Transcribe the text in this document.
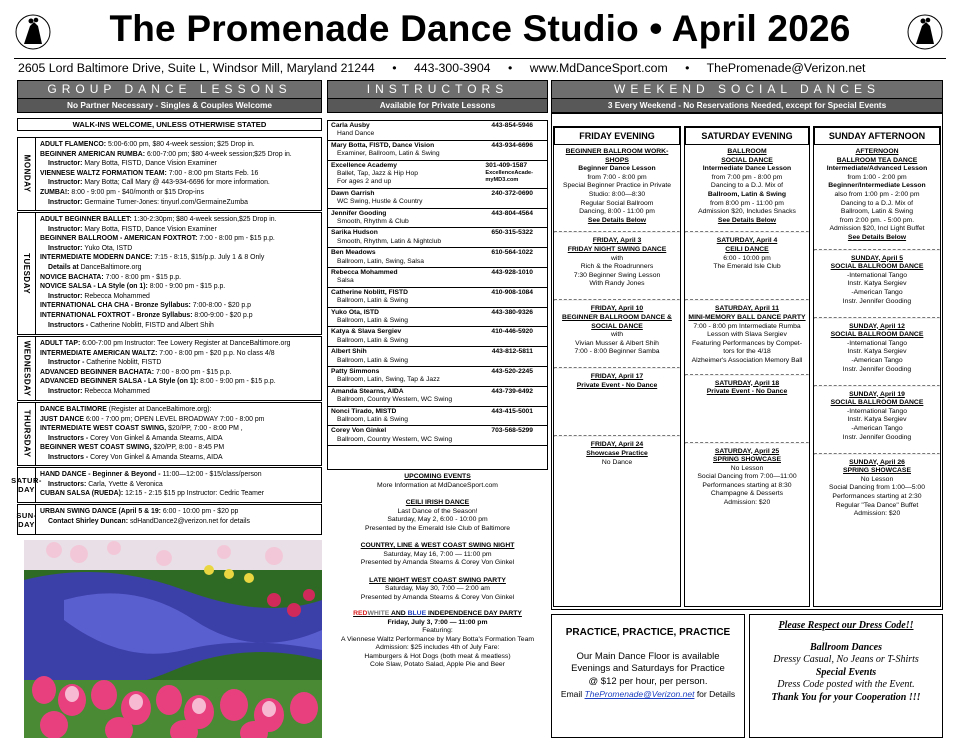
The Promenade Dance Studio • April 2026
2605 Lord Baltimore Drive, Suite L, Windsor Mill, Maryland 21244 • 443-300-3904 • www.MdDanceSport.com • ThePromenade@Verizon.net
GROUP DANCE LESSONS
No Partner Necessary - Singles & Couples Welcome
WALK-INS WELCOME, UNLESS OTHERWISE STATED
MONDAY
ADULT FLAMENCO: 5:00-6:00 pm, $80 4-week session; $25 Drop in.
BEGINNER AMERICAN RUMBA: 6:00-7:00 pm; $80 4-week session;$25 Drop in.
Instructor: Mary Botta, FISTD, Dance Vision Examiner
VIENNESE WALTZ FORMATION TEAM: 7:00 - 8:00 pm Starts Feb. 16
Instructor: Mary Botta; Call Mary @ 443-934-6696 for more information.
ZUMBA!: 8:00 - 9:00 pm - $40/month or $15 Drop-ins
Instructor: Germaine Turner-Jones: tinyurl.com/GermaineZumba
TUESDAY
ADULT BEGINNER BALLET: 1:30-2:30pm; $80 4-week session,$25 Drop in.
Instructor: Mary Botta, FISTD, Dance Vision Examiner
BEGINNER BALLROOM - AMERICAN FOXTROT: 7:00 - 8:00 pm - $15 p.p.
Instructor: Yuko Ota, ISTD
INTERMEDIATE MODERN DANCE: 7:15 - 8:15, $15/p.p. July 1 & 8 Only
Details at DanceBaltimore.org
NOVICE BACHATA: 7:00 - 8:00 pm - $15 p.p.
NOVICE SALSA - LA Style (on 1): 8:00 - 9:00 pm - $15 p.p.
Instructor: Rebecca Mohammed
INTERNATIONAL CHA CHA - Bronze Syllabus: 7:00-8:00 - $20 p.p
INTERNATIONAL FOXTROT - Bronze Syllabus: 8:00-9:00 - $20 p.p
Instructors - Catherine Noblitt, FISTD and Albert Shih
WEDNESDAY ADULT TAP: 6:00-7:00 pm Instructor: Tee Lowery Register at DanceBaltimore.org
INTERMEDIATE AMERICAN WALTZ: 7:00 - 8:00 pm - $20 p.p. No class 4/8
Instructor - Catherine Noblitt, FISTD
ADVANCED BEGINNER BACHATA: 7:00 - 8:00 pm - $15 p.p.
ADVANCED BEGINNER SALSA - LA Style (on 1): 8:00 - 9:00 pm - $15 p.p.
Instructor: Rebecca Mohammed
THURSDAY
DANCE BALTIMORE (Register at DanceBaltimore.org):
JUST DANCE 6:00 - 7:00 pm; OPEN LEVEL BROADWAY 7:00 - 8:00 pm
INTERMEDIATE WEST COAST SWING, $20/PP, 7:00 - 8:00 PM ,
Instructors - Corey Von Ginkel & Amanda Stearns, AIDA
BEGINNER WEST COAST SWING, $20/PP, 8:00 - 8:45 PM
Instructors - Corey Von Ginkel & Amanda Stearns, AIDA
SATUR-
DAY
HAND DANCE - Beginner & Beyond - 11:00—12:00 - $15/class/person
Instructors: Carla, Yvette & Veronica
CUBAN SALSA (RUEDA): 12:15 - 2:15 $15 pp Instructor: Cedric Teamer
SUN-
DAY
URBAN SWING DANCE (April 5 & 19: 6:00 - 10:00 pm - $20 pp
Contact Shirley Duncan: sdHandDance2@verizon.net for details
INSTRUCTORS
Available for Private Lessons
Carla Ausby
Hand Dance
443-854-5946
Mary Botta, FISTD, Dance Vision
Examiner, Ballroom, Latin & Swing
443-934-6696
Excellence Academy
Ballet, Tap, Jazz & Hip Hop
For ages 2 and up
301-409-1587
ExcellenceAcade-
myMD3.com
Dawn Garrish
WC Swing, Hustle & Country
240-372-0690
Jennifer Gooding
Smooth, Rhythm & Club
443-804-4564
Sarika Hudson
Smooth, Rhythm, Latin & Nightclub
650-315-5322
Ben Meadows
Ballroom, Latin, Swing, Salsa
610-564-1022
Rebecca Mohammed
Salsa
443-928-1010
Catherine Noblitt, FISTD
Ballroom, Latin & Swing
410-908-1084
Yuko Ota, ISTD
Ballroom, Latin & Swing
443-380-9326
Katya & Slava Sergiev
Ballroom, Latin & Swing
410-446-5920
Albert Shih
Ballroom, Latin & Swing
443-812-5811
Patty Simmons
Ballroom, Latin, Swing, Tap & Jazz
443-520-2245
Amanda Stearns, AIDA
Ballroom, Country Western, WC Swing
443-739-6492
Nonci Tirado, MISTD
Ballroom, Latin & Swing
443-415-5001
Corey Von Ginkel
Ballroom, Country Western, WC Swing
703-568-5299
UPCOMING EVENTS
More Information at MdDanceSport.com
CEILI IRISH DANCE
Last Dance of the Season!
Saturday, May 2, 6:00 - 10:00 pm
Presented by the Emerald Isle Club of Baltimore
COUNTRY, LINE & WEST COAST SWING NIGHT
Saturday, May 16, 7:00 — 11:00 pm
Presented by Amanda Stearns & Corey Von Ginkel
LATE NIGHT WEST COAST SWING PARTY
Saturday, May 30, 7:00 — 2:00 am
Presented by Amanda Stearns & Corey Von Ginkel
REDWHITE AND BLUE INDEPENDENCE DAY PARTY
Friday, July 3, 7:00 — 11:00 pm
Featuring:
A Viennese Waltz Performance by Mary Botta's Formation Team
Admission: $25 includes 4th of July Fare:
Hamburgers & Hot Dogs (both meat & meatless)
Cole Slaw, Potato Salad, Apple Pie and Beer
WEEKEND SOCIAL DANCES
3 Every Weekend - No Reservations Needed, except for Special Events
FRIDAY EVENING
BEGINNER BALLROOM WORK-
SHOPS
Beginner Dance Lesson
from 7:00 - 8:00 pm
Special Beginner Practice in Private
Studio: 8:00—8:30
Regular Social Ballroom
Dancing, 8:00 - 11:00 pm
See Details Below
FRIDAY, April 3
FRIDAY NIGHT SWING DANCE
with
Rich & the Roadrunners
7:30 Beginner Swing Lesson
With Randy Jones
FRIDAY, April 10
BEGINNER BALLROOM DANCE & SOCIAL DANCE
with
Vivian Musser & Albert Shih
7:00 - 8:00 Beginner Samba
FRIDAY, April 17
Private Event - No Dance
FRIDAY, April 24
Showcase Practice
No Dance
SATURDAY EVENING
BALLROOM
SOCIAL DANCE
Intermediate Dance Lesson
from 7:00 pm - 8:00 pm
Dancing to a D.J. Mix of
Ballroom, Latin & Swing
from 8:00 pm - 11:00 pm
Admission $20, Includes Snacks
See Details Below
SATURDAY, April 4
CEILI DANCE
6:00 - 10:00 pm
The Emerald Isle Club
SATURDAY, April 11
MINI-MEMORY BALL DANCE PARTY
7:00 - 8:00 pm Intermediate Rumba
Lesson with Slava Sergiev
Featuring Performances by Compet-
tors for the 4/18
Alzheimer's Association Memory Ball
SATURDAY, April 18
Private Event - No Dance
SATURDAY, April 25
SPRING SHOWCASE
No Lesson
Social Dancing from 7:00—11:00
Performances starting at 8:30
Champagne & Desserts
Admission: $20
SUNDAY AFTERNOON
AFTERNOON
BALLROOM TEA DANCE
Intermediate/Advanced Lesson
from 1:00 - 2:00 pm
Beginner/Intermediate Lesson
also from 1:00 pm - 2:00 pm
Dancing to a D.J. Mix of
Ballroom, Latin & Swing
from 2:00 pm. - 5:00 pm.
Admission $20, Incl Light Buffet
See Details Below
SUNDAY, April 5
SOCIAL BALLROOM DANCE
-International Tango
Instr. Katya Sergiev
-American Tango
Instr. Jennifer Gooding
SUNDAY, April 12
SOCIAL BALLROOM DANCE
-International Tango
Instr. Katya Sergiev
-American Tango
Instr. Jennifer Gooding
SUNDAY, April 19
SOCIAL BALLROOM DANCE
-International Tango
Instr. Katya Sergiev
-American Tango
Instr. Jennifer Gooding
SUNDAY, April 26
SPRING SHOWCASE
No Lesson
Social Dancing from 1:00—5:00
Performances starting at 2:30
Regular "Tea Dance" Buffet
Admission: $20
PRACTICE, PRACTICE, PRACTICE
Our Main Dance Floor is available
Evenings and Saturdays for Practice
@ $12 per hour, per person.
Email ThePromenade@Verizon.net for Details
Please Respect our Dress Code!!
Ballroom Dances
Dressy Casual, No Jeans or T-Shirts
Special Events
Dress Code posted with the Event.
Thank You for your Cooperation !!!
